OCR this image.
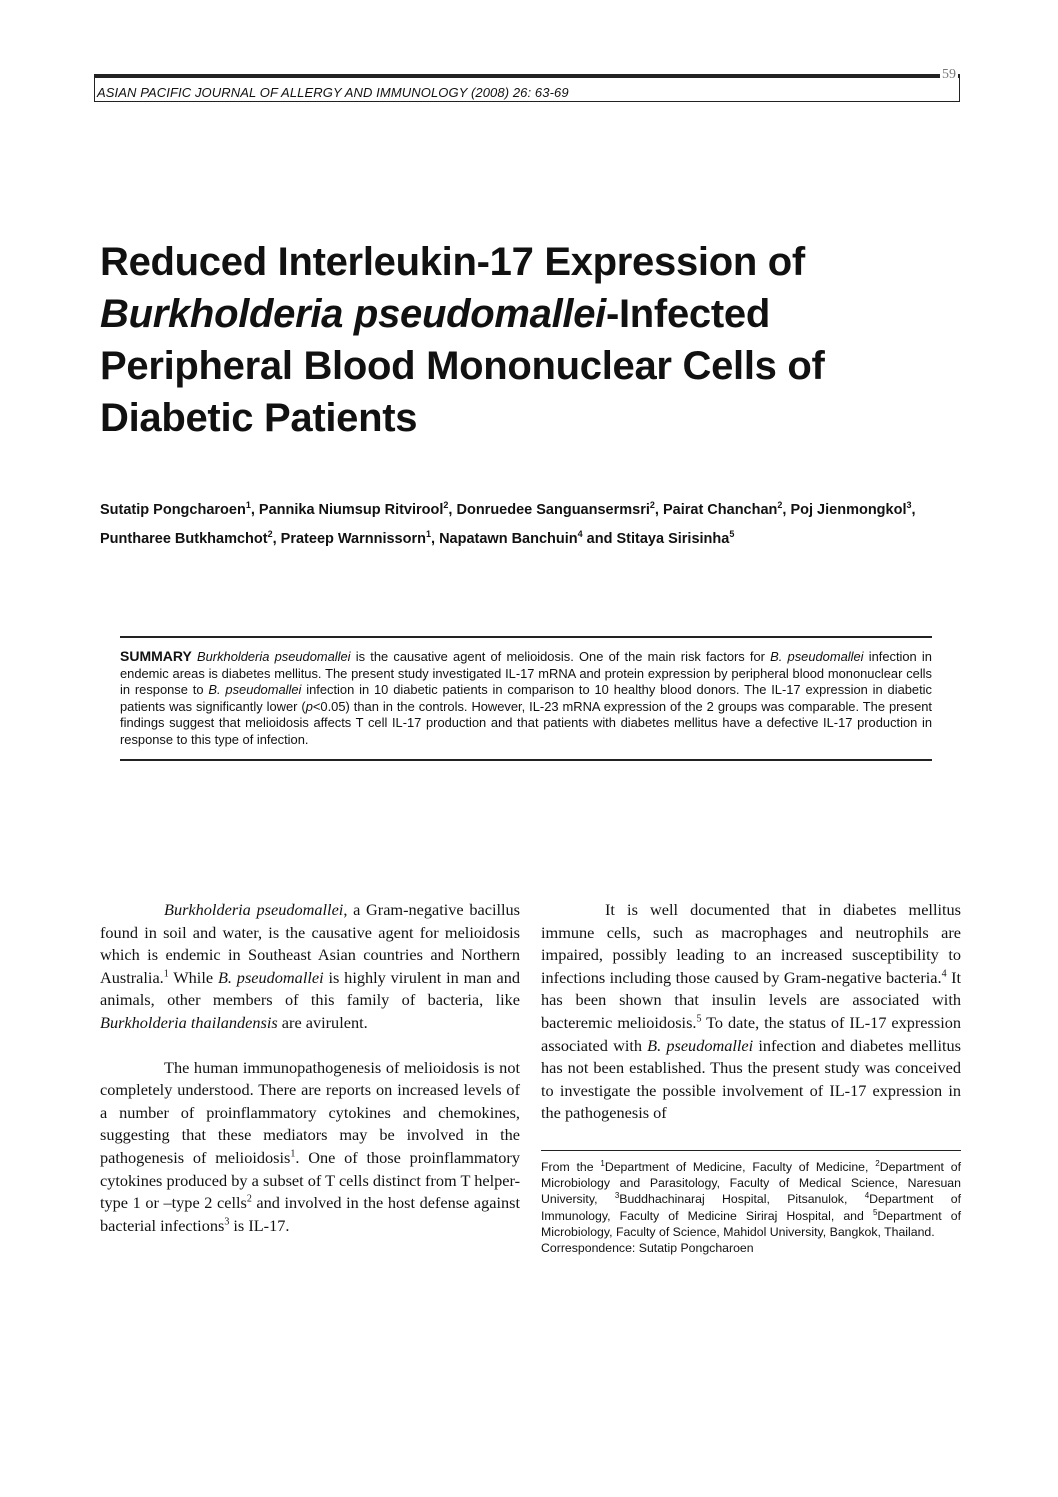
ASIAN PACIFIC JOURNAL OF ALLERGY AND IMMUNOLOGY (2008) 26: 63-69
59
Reduced Interleukin-17 Expression of
Burkholderia pseudomallei-Infected
Peripheral Blood Mononuclear Cells of
Diabetic Patients
Sutatip Pongcharoen$^1$, Pannika Niumsup Ritvirool$^2$, Donruedee Sanguansermsri$^2$, Pairat Chanchan$^2$, Poj Jienmongkol$^3$, Puntharee Butkhamchot$^2$, Prateep Warnnissorn$^1$, Napatawn Banchuin$^4$ and Stitaya Sirisinha$^5$
SUMMARY Burkholderia pseudomallei is the causative agent of melioidosis. One of the main risk factors for B. pseudomallei infection in endemic areas is diabetes mellitus. The present study investigated IL-17 mRNA and protein expression by peripheral blood mononuclear cells in response to B. pseudomallei infection in 10 diabetic patients in comparison to 10 healthy blood donors. The IL-17 expression in diabetic patients was significantly lower (p<0.05) than in the controls. However, IL-23 mRNA expression of the 2 groups was comparable. The present findings suggest that melioidosis affects T cell IL-17 production and that patients with diabetes mellitus have a defective IL-17 production in response to this type of infection.

Burkholderia pseudomallei, a Gram-negative bacillus found in soil and water, is the causative agent for melioidosis which is endemic in Southeast Asian countries and Northern Australia.$^1$ While B. pseudomallei is highly virulent in man and animals, other members of this family of bacteria, like Burkholderia thailandensis are avirulent.

The human immunopathogenesis of melioidosis is not completely understood. There are reports on increased levels of a number of proinflammatory cytokines and chemokines, suggesting that these mediators may be involved in the pathogenesis of melioidosis$^1$. One of those proinflammatory cytokines produced by a subset of T cells distinct from T helper-type 1 or –type 2 cells$^2$ and involved in the host defense against bacterial infections$^3$ is IL-17.

It is well documented that in diabetes mellitus immune cells, such as macrophages and neutrophils are impaired, possibly leading to an increased susceptibility to infections including those caused by Gram-negative bacteria.$^4$ It has been shown that insulin levels are associated with bacteremic melioidosis.$^5$ To date, the status of IL-17 expression associated with B. pseudomallei infection and diabetes mellitus has not been established. Thus the present study was conceived to investigate the possible involvement of IL-17 expression in the pathogenesis of

From the $^1$Department of Medicine, Faculty of Medicine, $^2$Department of Microbiology and Parasitology, Faculty of Medical Science, Naresuan University, $^3$Buddhachinaraj Hospital, Pitsanulok, $^4$Department of Immunology, Faculty of Medicine Siriraj Hospital, and $^5$Department of Microbiology, Faculty of Science, Mahidol University, Bangkok, Thailand.
Correspondence: Sutatip Pongcharoen
